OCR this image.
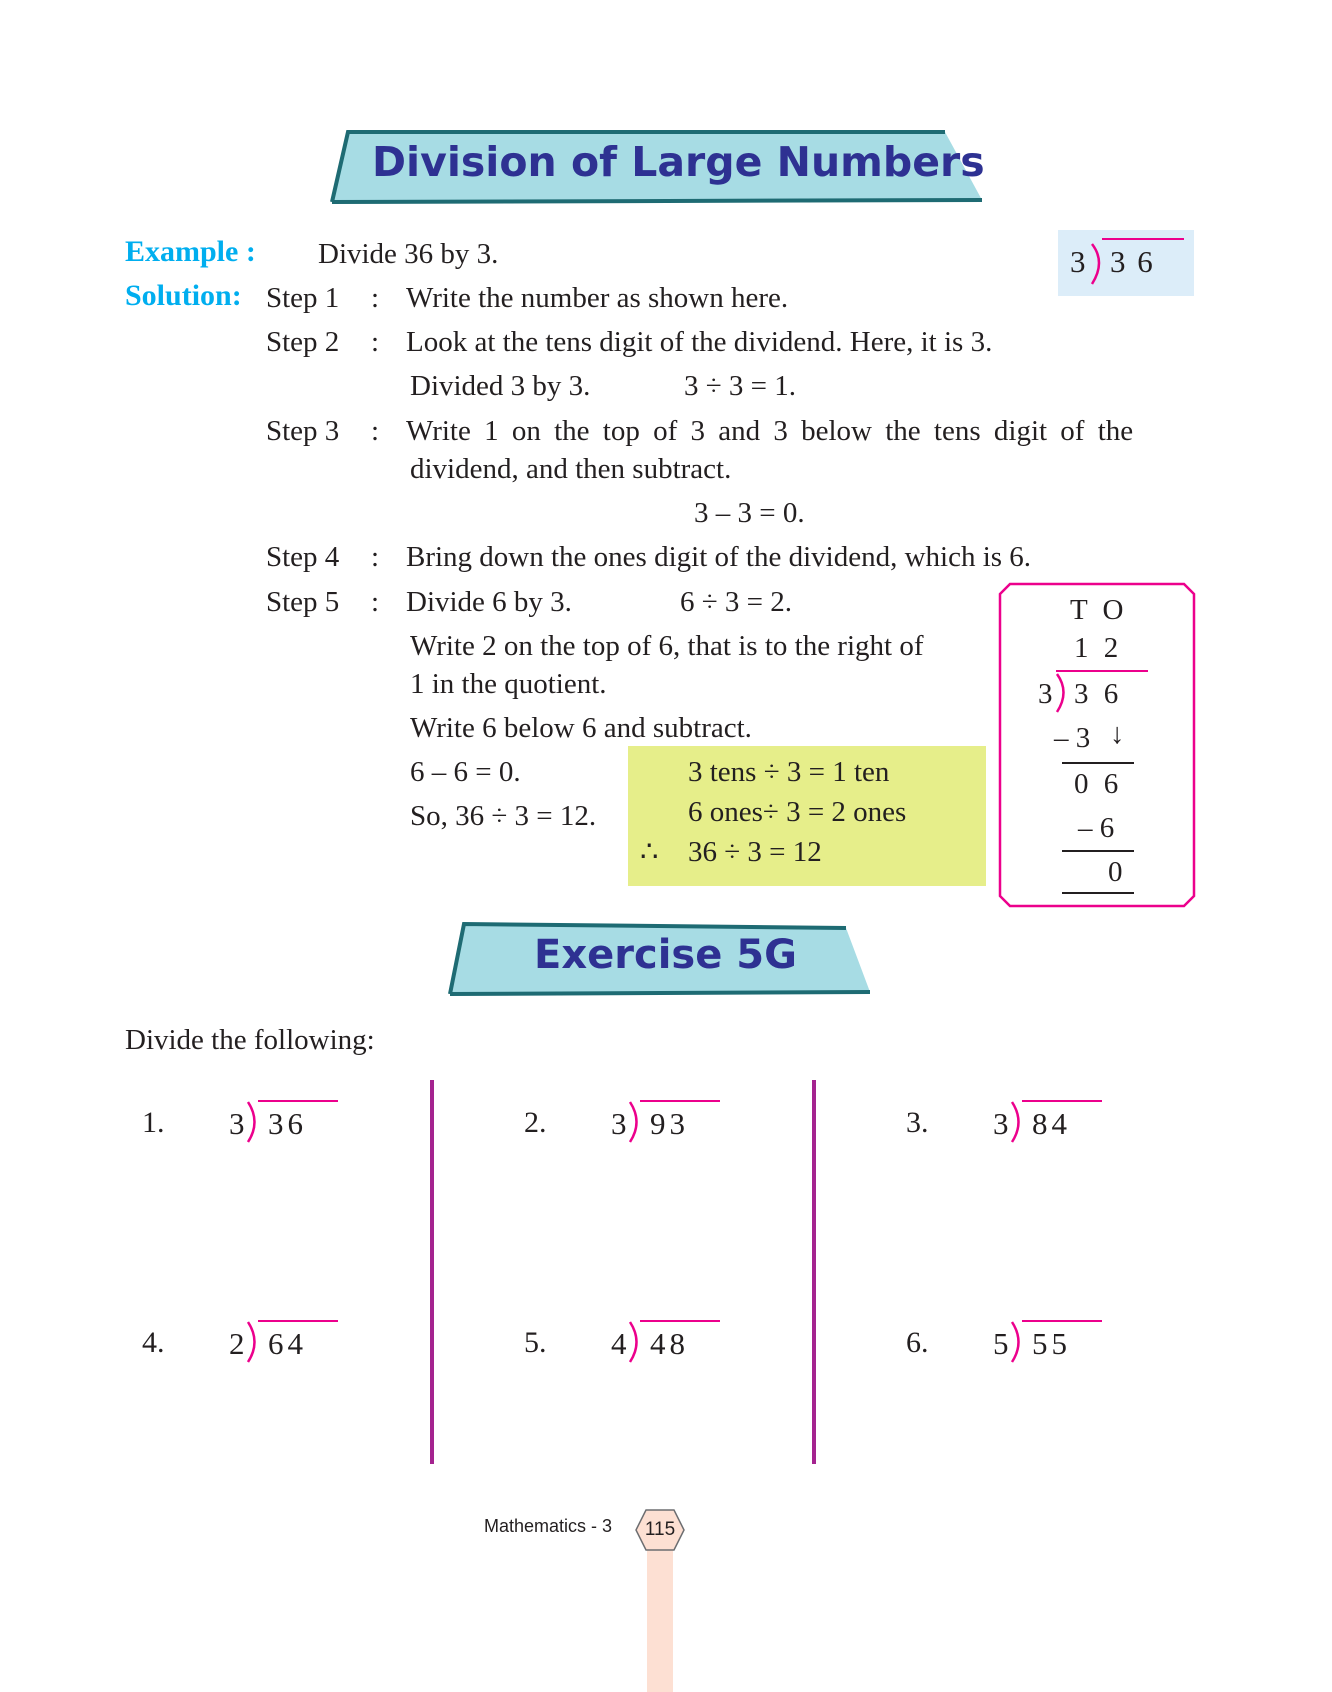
Division of Large Numbers
Example : Divide 36 by 3.	3 3 6
Solution: Step 1 : Write the number as shown here.
Step 2 : Look at the tens digit of the dividend. Here, it is 3.
Divided 3 by 3.	3 ÷ 3 = 1.
Step 3 : Write 1 on the top of 3 and 3 below the tens digit of the
dividend, and then subtract.
3 – 3 = 0.
Step 4 : Bring down the ones digit of the dividend, which is 6.
Step 5 : Divide 6 by 3.	6 ÷ 3 = 2.
Write 2 on the top of 6, that is to the right of
1 in the quotient.
Write 6 below 6 and subtract.
6 – 6 = 0.
So, 36 ÷ 3 = 12.
3 tens ÷ 3 = 1 ten
6 ones÷ 3 = 2 ones
∴ 36 ÷ 3 = 12
T O
1 2
3 3 6
– 3 ↓
0 6
– 6
0
Exercise 5G
Divide the following:
1. 3 36	2. 3 93	3. 3 84
4. 2 64	5. 4 48	6. 5 55
Mathematics - 3	115
